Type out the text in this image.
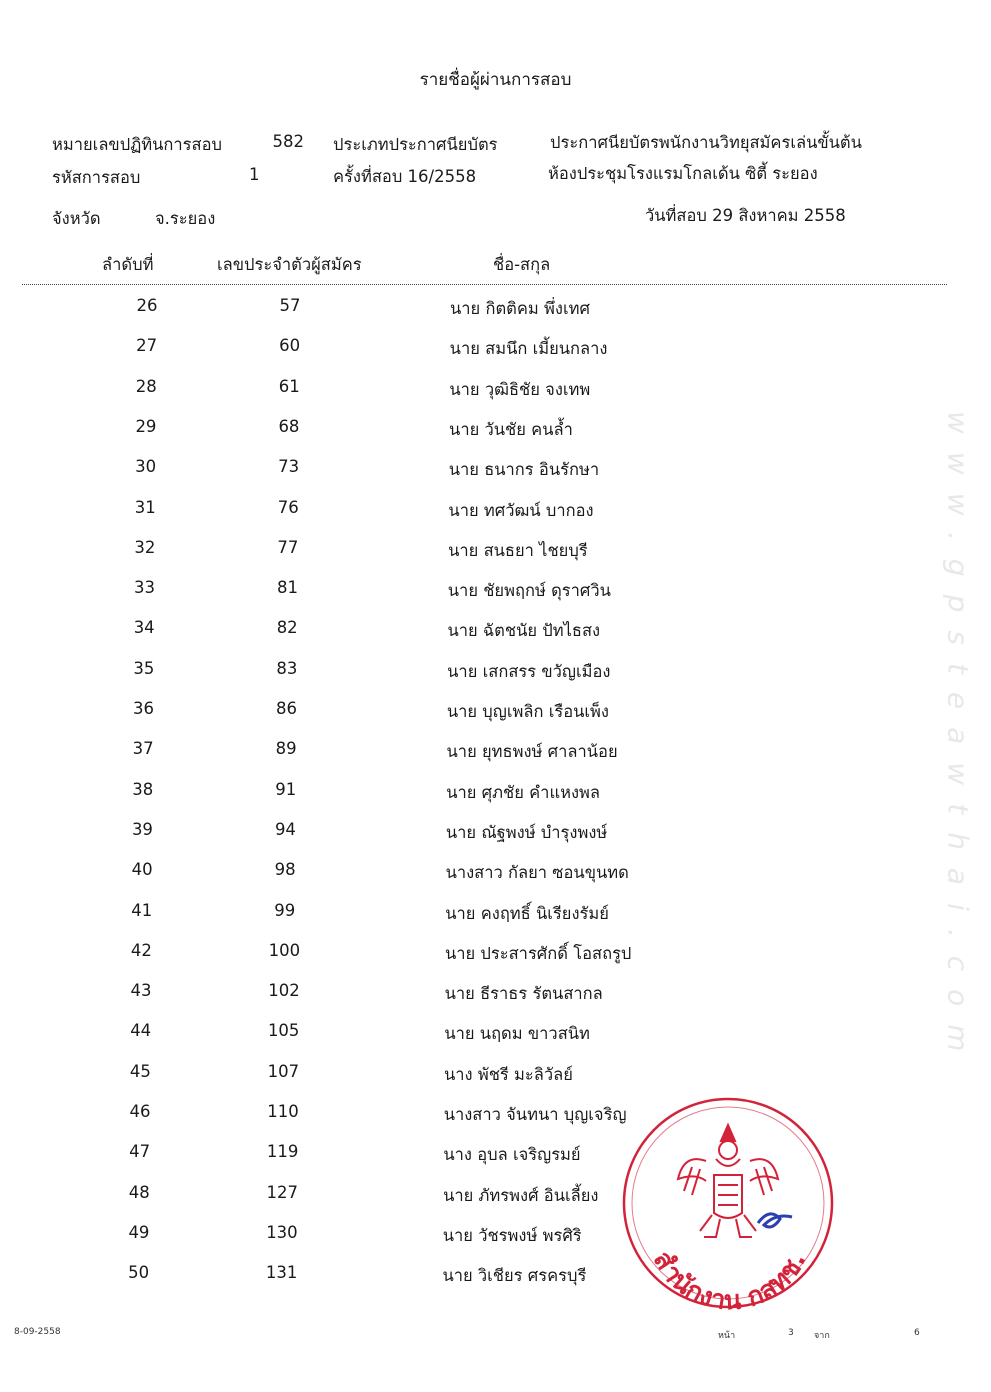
รายชื่อผู้ผ่านการสอบ
หมายเลขปฏิทินการสอบ	582 ประเภทประกาศนียบัตร	ประกาศนียบัตรพนักงานวิทยุสมัครเล่นขั้นต้น
รหัสการสอบ	1	ครั้งที่สอบ 16/2558	ห้องประชุมโรงแรมโกลเด้น ซิตี้ ระยอง
จังหวัด	จ.ระยอง	วันที่สอบ 29 สิงหาคม 2558
ลำดับที่	เลขประจำตัวผู้สมัคร	ชื่อ-สกุล
26	57	นาย กิตติคม พึ่งเทศ
27	60	นาย สมนึก เมี้ยนกลาง
28	61	นาย วุฒิธิชัย จงเทพ
29	68	นาย วันชัย คนล้ำ
30	73	นาย ธนากร อินรักษา
31	76	นาย ทศวัฒน์ บากอง
32	77	นาย สนธยา ไชยบุรี
33	81	นาย ชัยพฤกษ์ ดุราศวิน
34	82	นาย ฉัตชนัย ปัทไธสง
35	83	นาย เสกสรร ขวัญเมือง
36	86	นาย บุญเพลิก เรือนเพ็ง
37	89	นาย ยุทธพงษ์ ศาลาน้อย
38	91	นาย ศุภชัย คำแหงพล
39	94	นาย ณัฐพงษ์ บำรุงพงษ์
40	98	นางสาว กัลยา ซอนขุนทด
41	99	นาย คงฤทธิ์ นิเรียงรัมย์
42	100	นาย ประสารศักดิ์ โอสถรูป
43	102	นาย ธีราธร รัตนสากล
44	105	นาย นฤดม ขาวสนิท
45	107	นาง พัชรี มะลิวัลย์
46	110	นางสาว จันทนา บุญเจริญ
47	119	นาง อุบล เจริญรมย์
48	127	นาย ภัทรพงศ์ อินเลี้ยง
49	130	นาย วัชรพงษ์ พรศิริ
50	131	นาย วิเชียร ศรครบุรี
www.gpsteawthai.com
สำนักงาน กสทช.
8-09-2558	หน้า	3 จาก	6
